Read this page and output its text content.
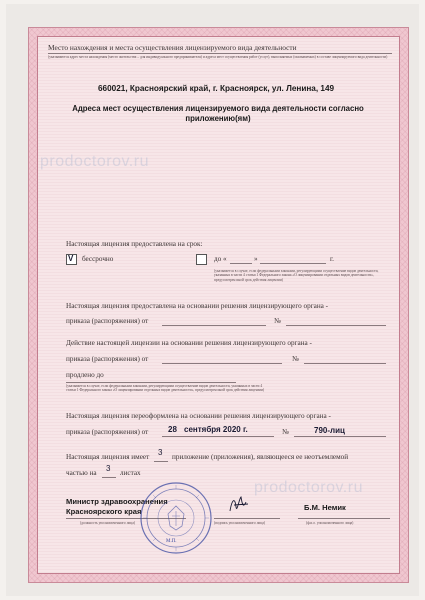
Место нахождения и места осуществления лицензируемого вида деятельности
(указываются адрес места нахождения (место жительства – для индивидуального предпринимателя) и адреса мест осуществления работ (услуг), выполняемых (оказываемых) в составе лицензируемого вида деятельности)
660021, Красноярский край, г. Красноярск, ул. Ленина, 149
Адреса мест осуществления лицензируемого вида деятельности согласно приложению(ям)
prodoctorov.ru
prodoctorov.ru
Настоящая лицензия предоставлена на срок:
V бессрочно	до «	»	г.
(указывается в случае, если федеральными законами, регулирующими осуществление видов деятельности, указанных в части 4 статьи 1 Федерального закона «О лицензировании отдельных видов деятельности», предусмотрен иной срок действия лицензии)
Настоящая лицензия предоставлена на основании решения лицензирующего органа -
приказа (распоряжения) от	№
Действие настоящей лицензии на основании решения лицензирующего органа -
приказа (распоряжения) от	№
продлено до
(указывается в случае, если федеральными законами, регулирующими осуществление видов деятельности, указанных в части 4 статьи 1 Федерального закона «О лицензировании отдельных видов деятельности», предусмотрен иной срок действия лицензии)
Настоящая лицензия переоформлена на основании решения лицензирующего органа -
приказа (распоряжения) от 28 сентября 2020 г.	№	790-лиц
Настоящая лицензия имеет 3 приложение (приложения), являющееся ее неотъемлемой
частью на 3 листах
Министр здравоохранения
Красноярского края
(должность уполномоченного лица)	(подпись уполномоченного лица)
Б.М. Немик
(ф.и.о. уполномоченного лица)
М.П.
